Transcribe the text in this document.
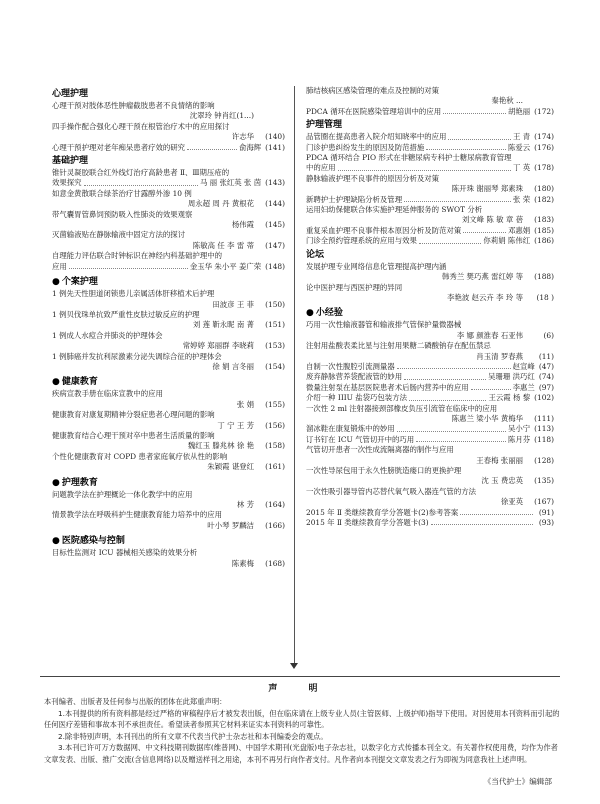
心理护理
心理干预对肢体恶性肿瘤截肢患者不良情绪的影响
沈翠玲 钟肖红(1...)
四手操作配合强化心理干预在根管治疗术中的应用探讨
许志华	(140)
心理干预护理对老年痴呆患者疗效的研究	俞海辉 (141)
基础护理
锥针灵凝胶联合红外线灯治疗高龄患者 Ⅱ、Ⅲ期压疮的
效果探究	马 丽 张红英 张 茵 (143)
如意金黄散联合绿茶治疗甘露醇外渗 10 例
周永超 周 丹 黄根花	(144)
带气囊胃管鼻饲预防吸入性肺炎的效果观察
杨伟霞	(145)
灭菌输液贴在静脉输液中固定方法的探讨
陈敏高 任 李 雷 蒂	(147)
自理能力评估联合时钟标识在神经内科基础护理中的
应用	金玉华 朱小平 姜广荣 (148)
● 个案护理
1 例先天性胆道闭锁患儿亲属活体肝移植术后护理
田波彦 王 菲	(150)
1 例贝伐珠单抗致严重性皮肤过敏反应的护理
刘 莲 靳永昵 南 菁	(151)
1 例成人水痘合并肺炎的护理体会
常婷婷 郑丽群 李晓莉	(153)
1 例肺癌并发抗利尿激素分泌失调综合征的护理体会
徐 娟 言冬丽	(154)
● 健康教育
疾病宣教手册在临床宣教中的应用
张 娟	(155)
健康教育对康复期精神分裂症患者心理问题的影响
丁 宁 王 芳	(156)
健康教育结合心理干预对卒中患者生活质量的影响
魏红玉 滕兆林 徐 艳	(158)
个性化健康教育对 COPD 患者家庭氧疗依从性的影响
朱颖霞 谌登红	(161)
● 护理教育
问题教学法在护理概论一体化教学中的应用
林 芳	(164)
情景教学法在呼吸科护生健康教育能力培养中的应用
叶小琴 罗麟洁	(166)
● 医院感染与控制
目标性监测对 ICU 器械相关感染的效果分析
陈素梅	(168)
肺结核病区感染管理的难点及控制的对策
秦艳秋 ...
PDCA 循环在医院感染管理培训中的应用	胡艳丽 (172)
护理管理
品管圈在提高患者入院介绍知晓率中的应用	王 青 (174)
门诊护患纠纷发生的原因及防范措施	陈爱云 (176)
PDCA 循环结合 PIO 形式在非糖尿病专科护士糖尿病教育管理
中的应用	丁 英 (178)
静脉输液护理不良事件的原因分析及对策
陈开珠 谢丽琴 郑素珠	(180)
新聘护士护理缺陷分析及管理	张 荣 (182)
运用妇幼保健联合体实施护理延伸服务的 SWOT 分析
刘文峰 陈 敏 章 蓓	(183)
重复采血护理不良事件根本原因分析及防范对策	邓惠娟 (185)
门诊全预约管理系统的应用与效果	你莉娟 陈伟红 (186)
论坛
发展护理专业网络信息化管理提高护理内涵
韩秀兰 樊巧燕 雷红婷 等	(188)
论中医护理与西医护理的异同
李艳波 赵云卉 李 玲 等	(18 )
● 小经验
巧用一次性输液器管和输液排气管保护量微器械
李 娜 颜淮春 石亚伟	(6)
注射用盐酸表柔比星与注射用果糖二磷酸钠存在配伍禁忌
肖玉清 罗春燕	(11)
自制一次性腹腔引流测量器	赵宣峰 (47)
废弃静脉营养袋配液管的妙用	吴珊珊 洪巧红 (74)
微量注射泵在基层医院患者术后肠内营养中的应用	李惠兰 (97)
介绍一种 IIIU 盐袋巧包装方法	王云霞 杨 黎 (102)
一次性 2 ml 注射器接颈部橡皮负压引流管在临床中的应用
陈惠兰 梁小华 黄梅华	(111)
溜冰鞋在康复锻炼中的妙用	吴小宁 (113)
订书钉在 ICU 气管切开中的巧用	陈月芬 (118)
气管切开患者一次性成流隔离器的制作与应用
王春梅 张丽丽	(128)
一次性导尿包用于永久性膀胱造瘘口的更换护理
沈 玉 费忠英	(135)
一次性吸引器导管内芯替代氧气吸入器连气管的方法
徐亚英	(167)
2015 年 Ⅱ 类继续教育学分答题卡(2)参考答案	(91)
2015 年 Ⅱ 类继续教育学分答题卡(3)	(93)
声 明

本刊编者、出版者及任何参与出版的团体在此郑重声明：

1.本刊提供的所有资料都是经过严格的审稿程序后才被发表出版，但在临床请在上级专业人员(主管医师、上级护师)指导下使用。对因使用本刊资料而引起的任何医疗差错和事故本刊不承担责任。希望读者参照其它材料来证实本刊资料的可靠性。

2.除非特别声明，本刊刊出的所有文章不代表当代护士杂志社和本刊编委会的观点。

3.本刊已许可万方数据网、中文科技期刊数据库(维普网)、中国学术期刊(光盘版)电子杂志社，以数字化方式传播本刊全文。有关著作权使用费，均作为作者文章发表、出版、推广交流(含信息网络)以及赠送样刊之用途，本刊不再另行向作者支付。凡作者向本刊提交文章发表之行为即视为同意我社上述声明。

《当代护士》编辑部
